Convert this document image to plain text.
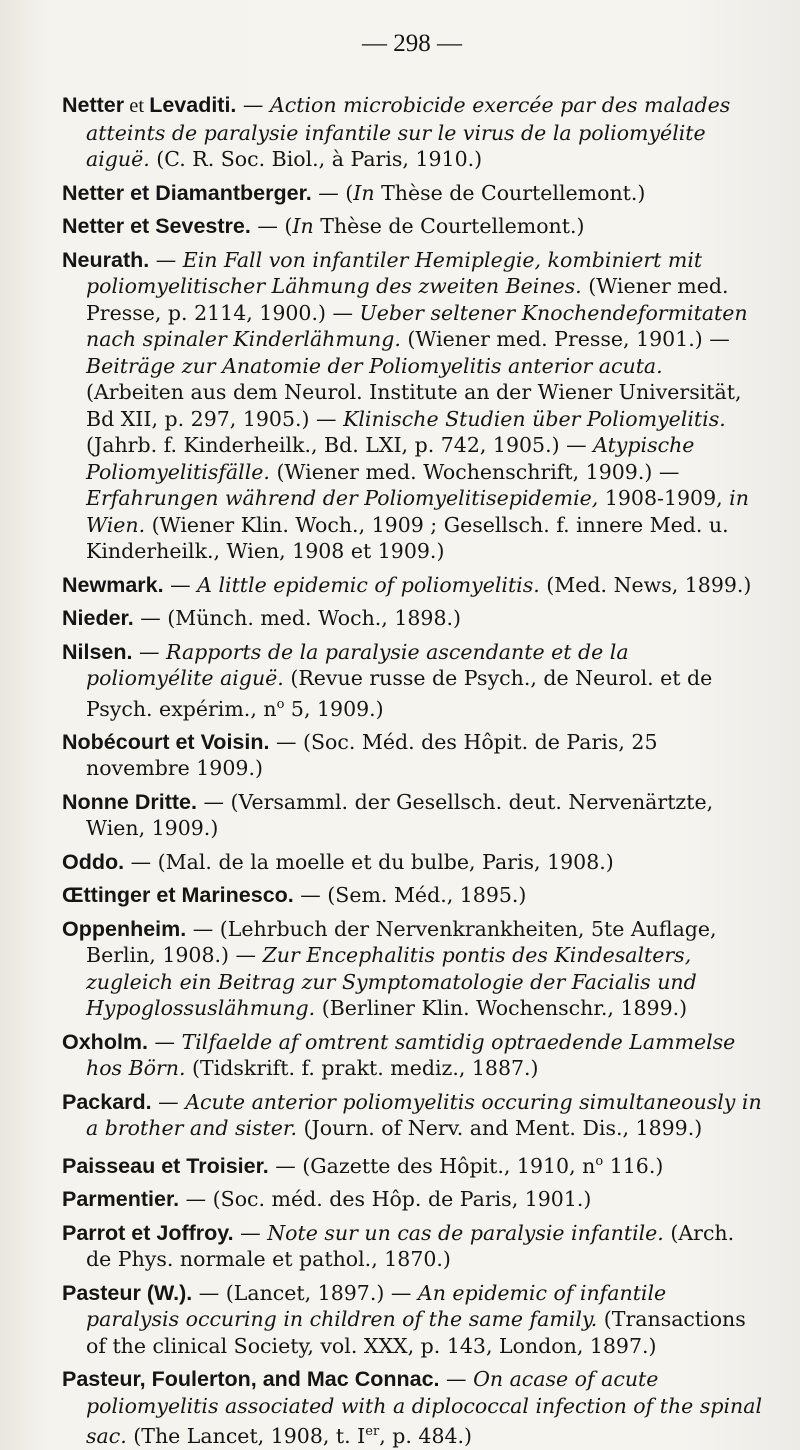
— 298 —
Netter et Levaditi. — Action microbicide exercée par des malades atteints de paralysie infantile sur le virus de la poliomyélite aiguë. (C. R. Soc. Biol., à Paris, 1910.)
Netter et Diamantberger. — (In Thèse de Courtellemont.)
Netter et Sevestre. — (In Thèse de Courtellemont.)
Neurath. — Ein Fall von infantiler Hemiplegie, kombiniert mit poliomyelitischer Lähmung des zweiten Beines. (Wiener med. Presse, p. 2114, 1900.) — Ueber seltener Knochendeformitaten nach spinaler Kinderlähmung. (Wiener med. Presse, 1901.) — Beiträge zur Anatomie der Poliomyelitis anterior acuta. (Arbeiten aus dem Neurol. Institute an der Wiener Universität, Bd XII, p. 297, 1905.) — Klinische Studien über Poliomyelitis. (Jahrb. f. Kinderheilk., Bd. LXI, p. 742, 1905.) — Atypische Poliomyelitisfälle. (Wiener med. Wochenschrift, 1909.) — Erfahrungen während der Poliomyelitisepidemie, 1908-1909, in Wien. (Wiener Klin. Woch., 1909 ; Gesellsch. f. innere Med. u. Kinderheilk., Wien, 1908 et 1909.)
Newmark. — A little epidemic of poliomyelitis. (Med. News, 1899.)
Nieder. — (Münch. med. Woch., 1898.)
Nilsen. — Rapports de la paralysie ascendante et de la poliomyélite aiguë. (Revue russe de Psych., de Neurol. et de Psych. expérim., $n^o$ 5, 1909.)
Nobécourt et Voisin. — (Soc. Méd. des Hôpit. de Paris, 25 novembre 1909.)
Nonne Dritte. — (Versamml. der Gesellsch. deut. Nervenärtzte, Wien, 1909.)
Oddo. — (Mal. de la moelle et du bulbe, Paris, 1908.)
Œttinger et Marinesco. — (Sem. Méd., 1895.)
Oppenheim. — (Lehrbuch der Nervenkrankheiten, 5te Auflage, Berlin, 1908.) — Zur Encephalitis pontis des Kindesalters, zugleich ein Beitrag zur Symptomatologie der Facialis und Hypoglossuslähmung. (Berliner Klin. Wochenschr., 1899.)
Oxholm. — Tilfaelde af omtrent samtidig optraedende Lammelse hos Börn. (Tidskrift. f. prakt. mediz., 1887.)
Packard. — Acute anterior poliomyelitis occuring simultaneously in a brother and sister. (Journ. of Nerv. and Ment. Dis., 1899.)
Paisseau et Troisier. — (Gazette des Hôpit., 1910, $n^o$ 116.)
Parmentier. — (Soc. méd. des Hôp. de Paris, 1901.)
Parrot et Joffroy. — Note sur un cas de paralysie infantile. (Arch. de Phys. normale et pathol., 1870.)
Pasteur (W.). — (Lancet, 1897.) — An epidemic of infantile paralysis occuring in children of the same family. (Transactions of the clinical Society, vol. XXX, p. 143, London, 1897.)
Pasteur, Foulerton, and Mac Connac. — On acase of acute poliomyelitis associated with a diplococcal infection of the spinal sac. (The Lancet, 1908, t. Ier, p. 484.)
